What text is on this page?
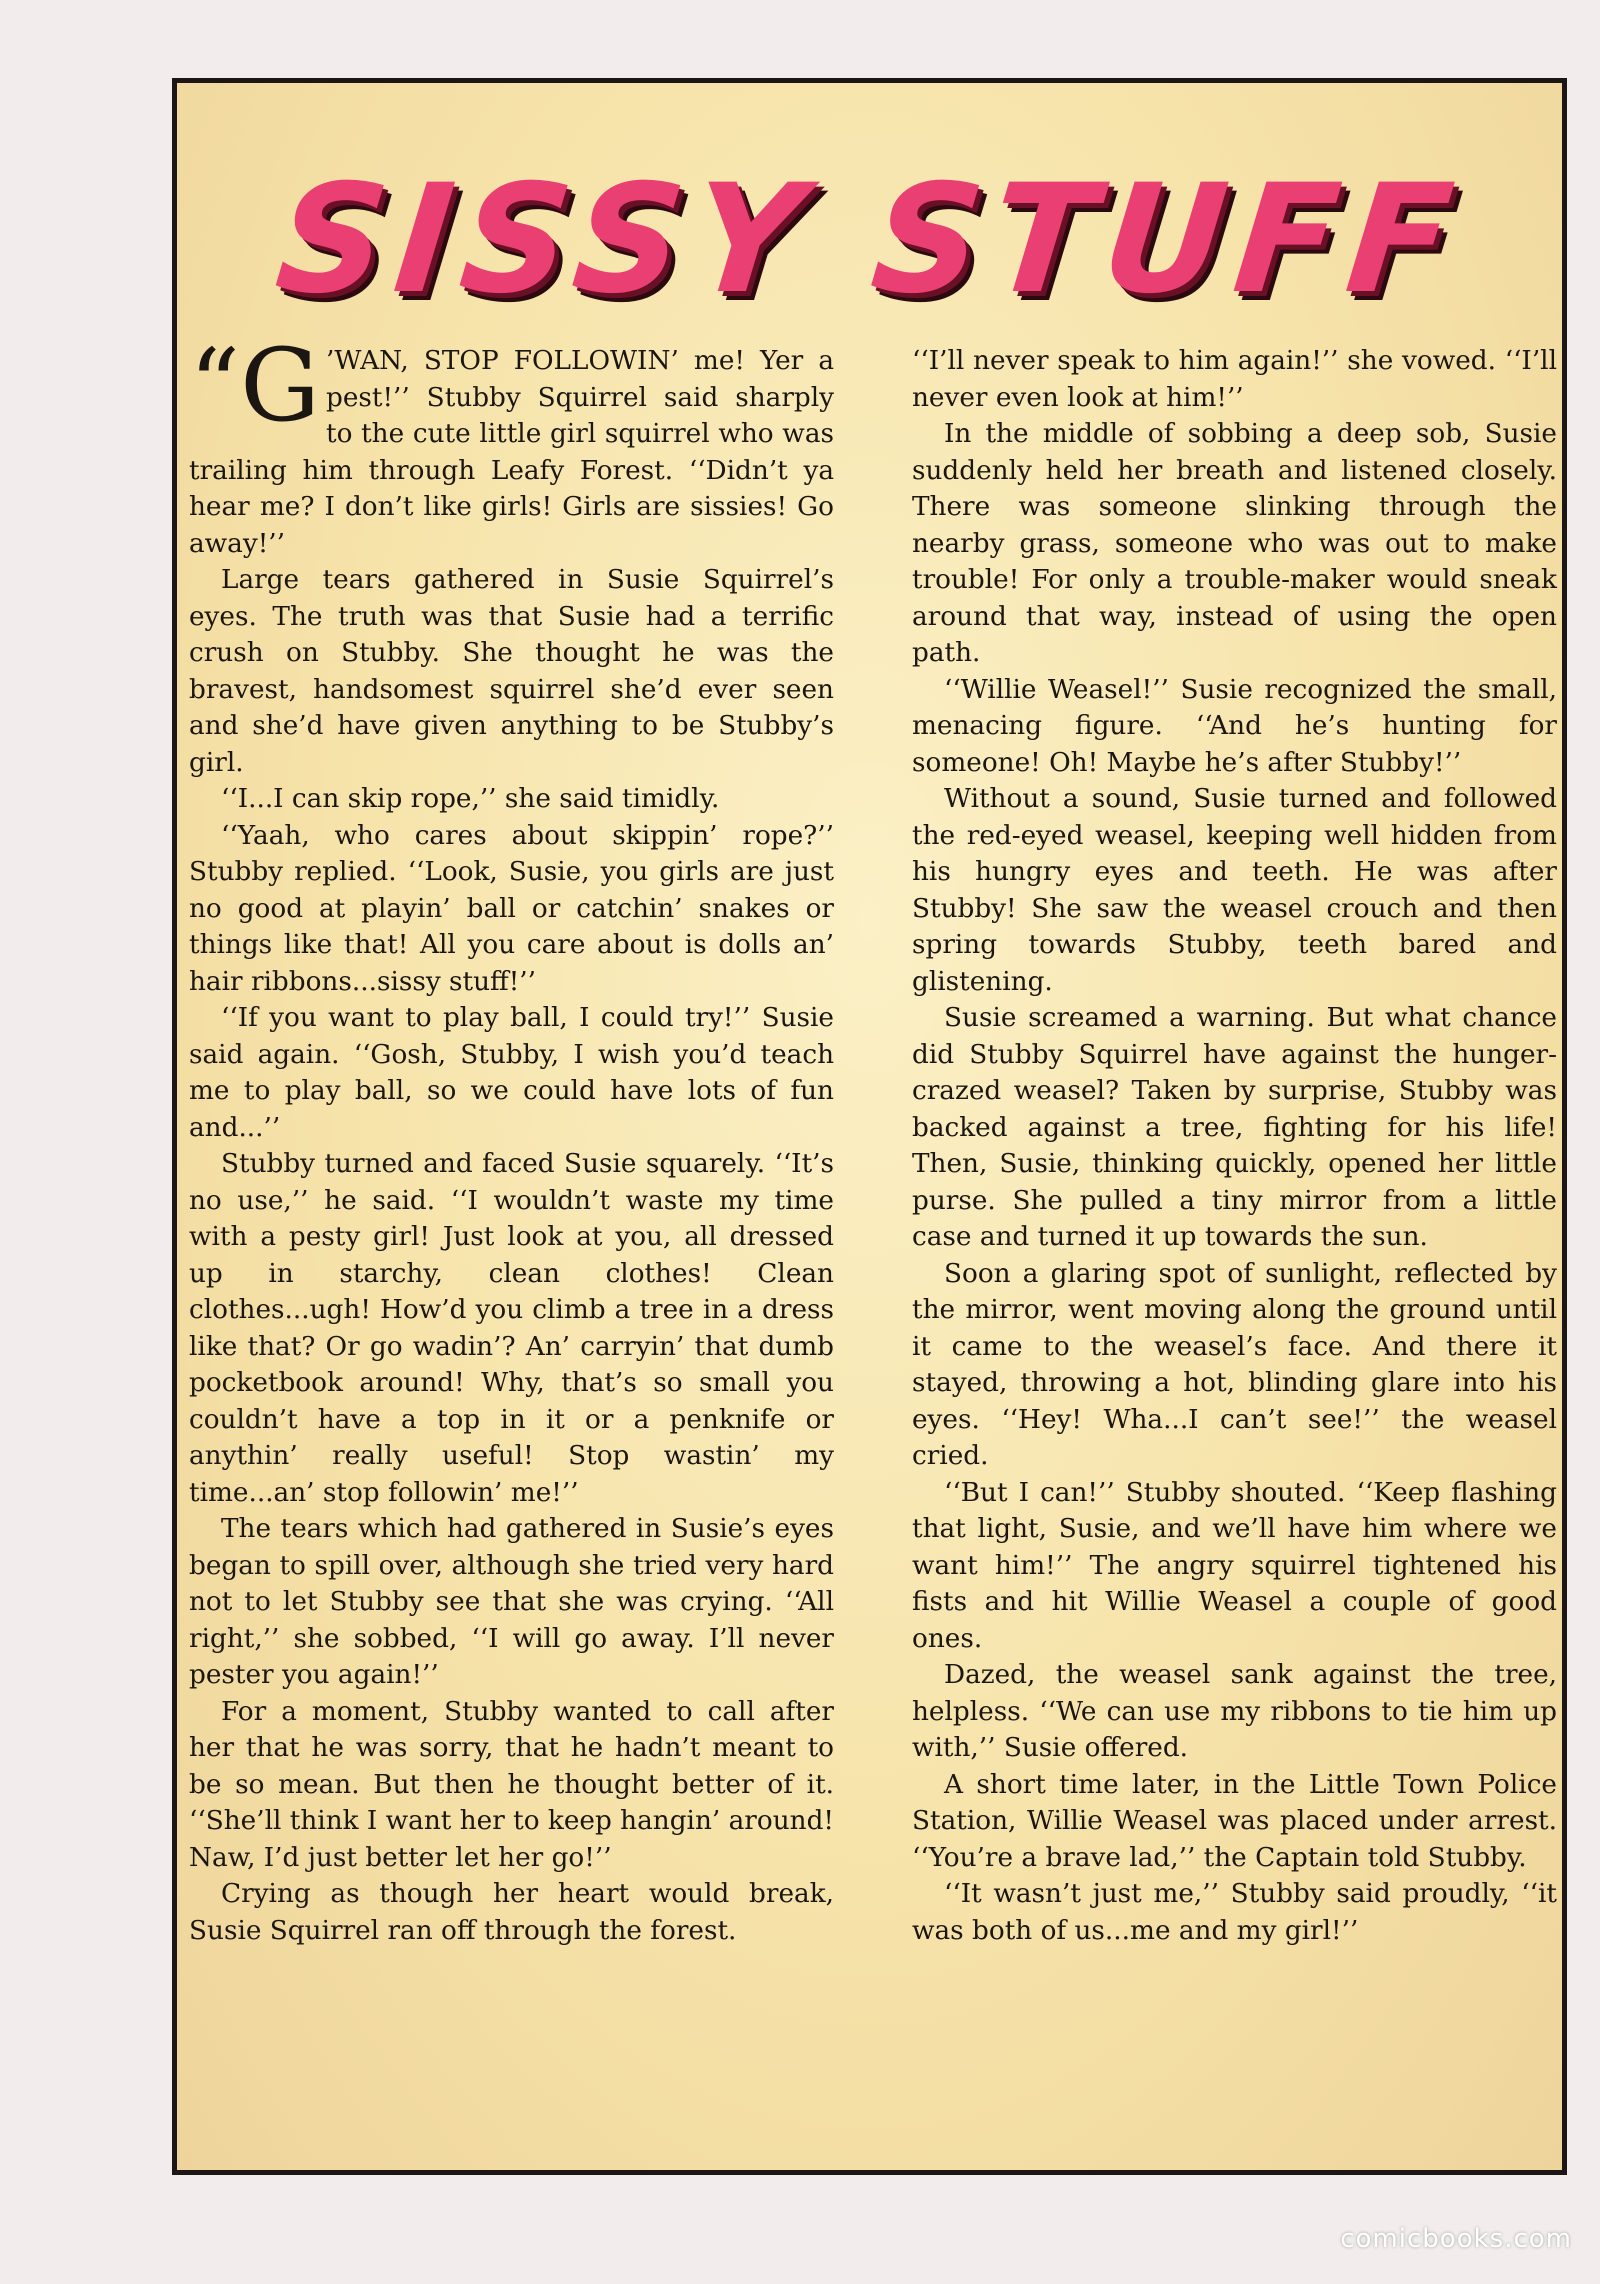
SISSY STUFF

“G ’WAN, STOP FOLLOWIN’ me! Yer a pest!’’ Stubby Squirrel said sharply to the cute little girl squirrel who was trailing him through Leafy Forest. ‘‘Didn’t ya hear me? I don’t like girls! Girls are sissies! Go away!’’

Large tears gathered in Susie Squirrel’s eyes. The truth was that Susie had a terrific crush on Stubby. She thought he was the bravest, handsomest squirrel she’d ever seen and she’d have given anything to be Stubby’s girl.

‘‘I...I can skip rope,’’ she said timidly.

‘‘Yaah, who cares about skippin’ rope?’’ Stubby replied. ‘‘Look, Susie, you girls are just no good at playin’ ball or catchin’ snakes or things like that! All you care about is dolls an’ hair ribbons...sissy stuff!’’

‘‘If you want to play ball, I could try!’’ Susie said again. ‘‘Gosh, Stubby, I wish you’d teach me to play ball, so we could have lots of fun and...’’

Stubby turned and faced Susie squarely. ‘‘It’s no use,’’ he said. ‘‘I wouldn’t waste my time with a pesty girl! Just look at you, all dressed up in starchy, clean clothes! Clean clothes...ugh! How’d you climb a tree in a dress like that? Or go wadin’? An’ carryin’ that dumb pocketbook around! Why, that’s so small you couldn’t have a top in it or a penknife or anythin’ really useful! Stop wastin’ my time...an’ stop followin’ me!’’

The tears which had gathered in Susie’s eyes began to spill over, although she tried very hard not to let Stubby see that she was crying. ‘‘All right,’’ she sobbed, ‘‘I will go away. I’ll never pester you again!’’

For a moment, Stubby wanted to call after her that he was sorry, that he hadn’t meant to be so mean. But then he thought better of it. ‘‘She’ll think I want her to keep hangin’ around! Naw, I’d just better let her go!’’

Crying as though her heart would break, Susie Squirrel ran off through the forest.

‘‘I’ll never speak to him again!’’ she vowed. ‘‘I’ll never even look at him!’’

In the middle of sobbing a deep sob, Susie suddenly held her breath and listened closely. There was someone slinking through the nearby grass, someone who was out to make trouble! For only a trouble-maker would sneak around that way, instead of using the open path.

‘‘Willie Weasel!’’ Susie recognized the small, menacing figure. ‘‘And he’s hunting for someone! Oh! Maybe he’s after Stubby!’’

Without a sound, Susie turned and followed the red-eyed weasel, keeping well hidden from his hungry eyes and teeth. He was after Stubby! She saw the weasel crouch and then spring towards Stubby, teeth bared and glistening.

Susie screamed a warning. But what chance did Stubby Squirrel have against the hunger-crazed weasel? Taken by surprise, Stubby was backed against a tree, fighting for his life! Then, Susie, thinking quickly, opened her little purse. She pulled a tiny mirror from a little case and turned it up towards the sun.

Soon a glaring spot of sunlight, reflected by the mirror, went moving along the ground until it came to the weasel’s face. And there it stayed, throwing a hot, blinding glare into his eyes. ‘‘Hey! Wha...I can’t see!’’ the weasel cried.

‘‘But I can!’’ Stubby shouted. ‘‘Keep flashing that light, Susie, and we’ll have him where we want him!’’ The angry squirrel tightened his fists and hit Willie Weasel a couple of good ones.

Dazed, the weasel sank against the tree, helpless. ‘‘We can use my ribbons to tie him up with,’’ Susie offered.

A short time later, in the Little Town Police Station, Willie Weasel was placed under arrest. ‘‘You’re a brave lad,’’ the Captain told Stubby.

‘‘It wasn’t just me,’’ Stubby said proudly, ‘‘it was both of us...me and my girl!’’

comicbooks.com
